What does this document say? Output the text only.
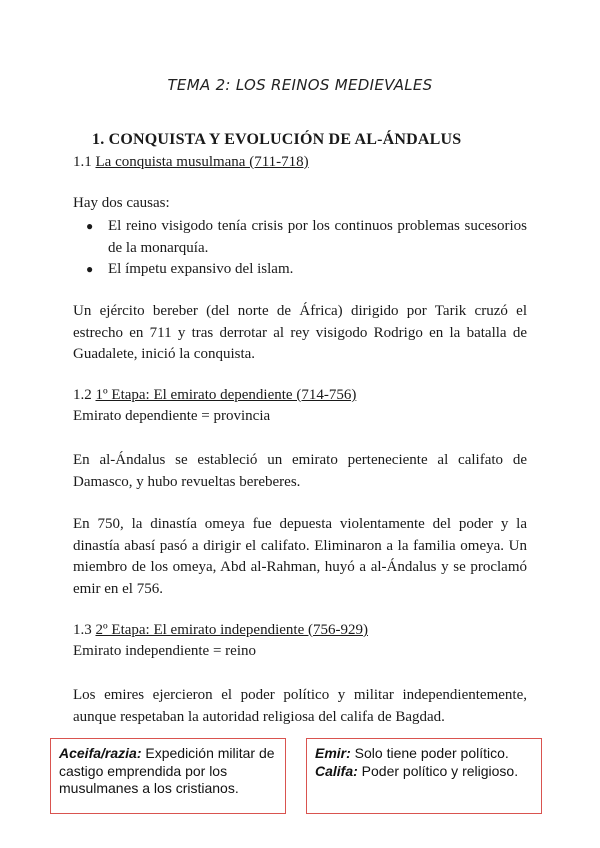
TEMA 2: LOS REINOS MEDIEVALES
1. CONQUISTA Y EVOLUCIÓN DE AL-ÁNDALUS
1.1 La conquista musulmana (711-718)
Hay dos causas:
● El reino visigodo tenía crisis por los continuos problemas sucesorios de la monarquía.
● El ímpetu expansivo del islam.
Un ejército bereber (del norte de África) dirigido por Tarik cruzó el estrecho en 711 y tras derrotar al rey visigodo Rodrigo en la batalla de Guadalete, inició la conquista.
1.2 1º Etapa: El emirato dependiente (714-756)
Emirato dependiente = provincia
En al-Ándalus se estableció un emirato perteneciente al califato de Damasco, y hubo revueltas bereberes.
En 750, la dinastía omeya fue depuesta violentamente del poder y la dinastía abasí pasó a dirigir el califato. Eliminaron a la familia omeya. Un miembro de los omeya, Abd al-Rahman, huyó a al-Ándalus y se proclamó emir en el 756.
1.3 2º Etapa: El emirato independiente (756-929)
Emirato independiente = reino
Los emires ejercieron el poder político y militar independientemente, aunque respetaban la autoridad religiosa del califa de Bagdad.
Aceifa/razia: Expedición militar de castigo emprendida por los musulmanes a los cristianos.
Emir: Solo tiene poder político.
Califa: Poder político y religioso.
